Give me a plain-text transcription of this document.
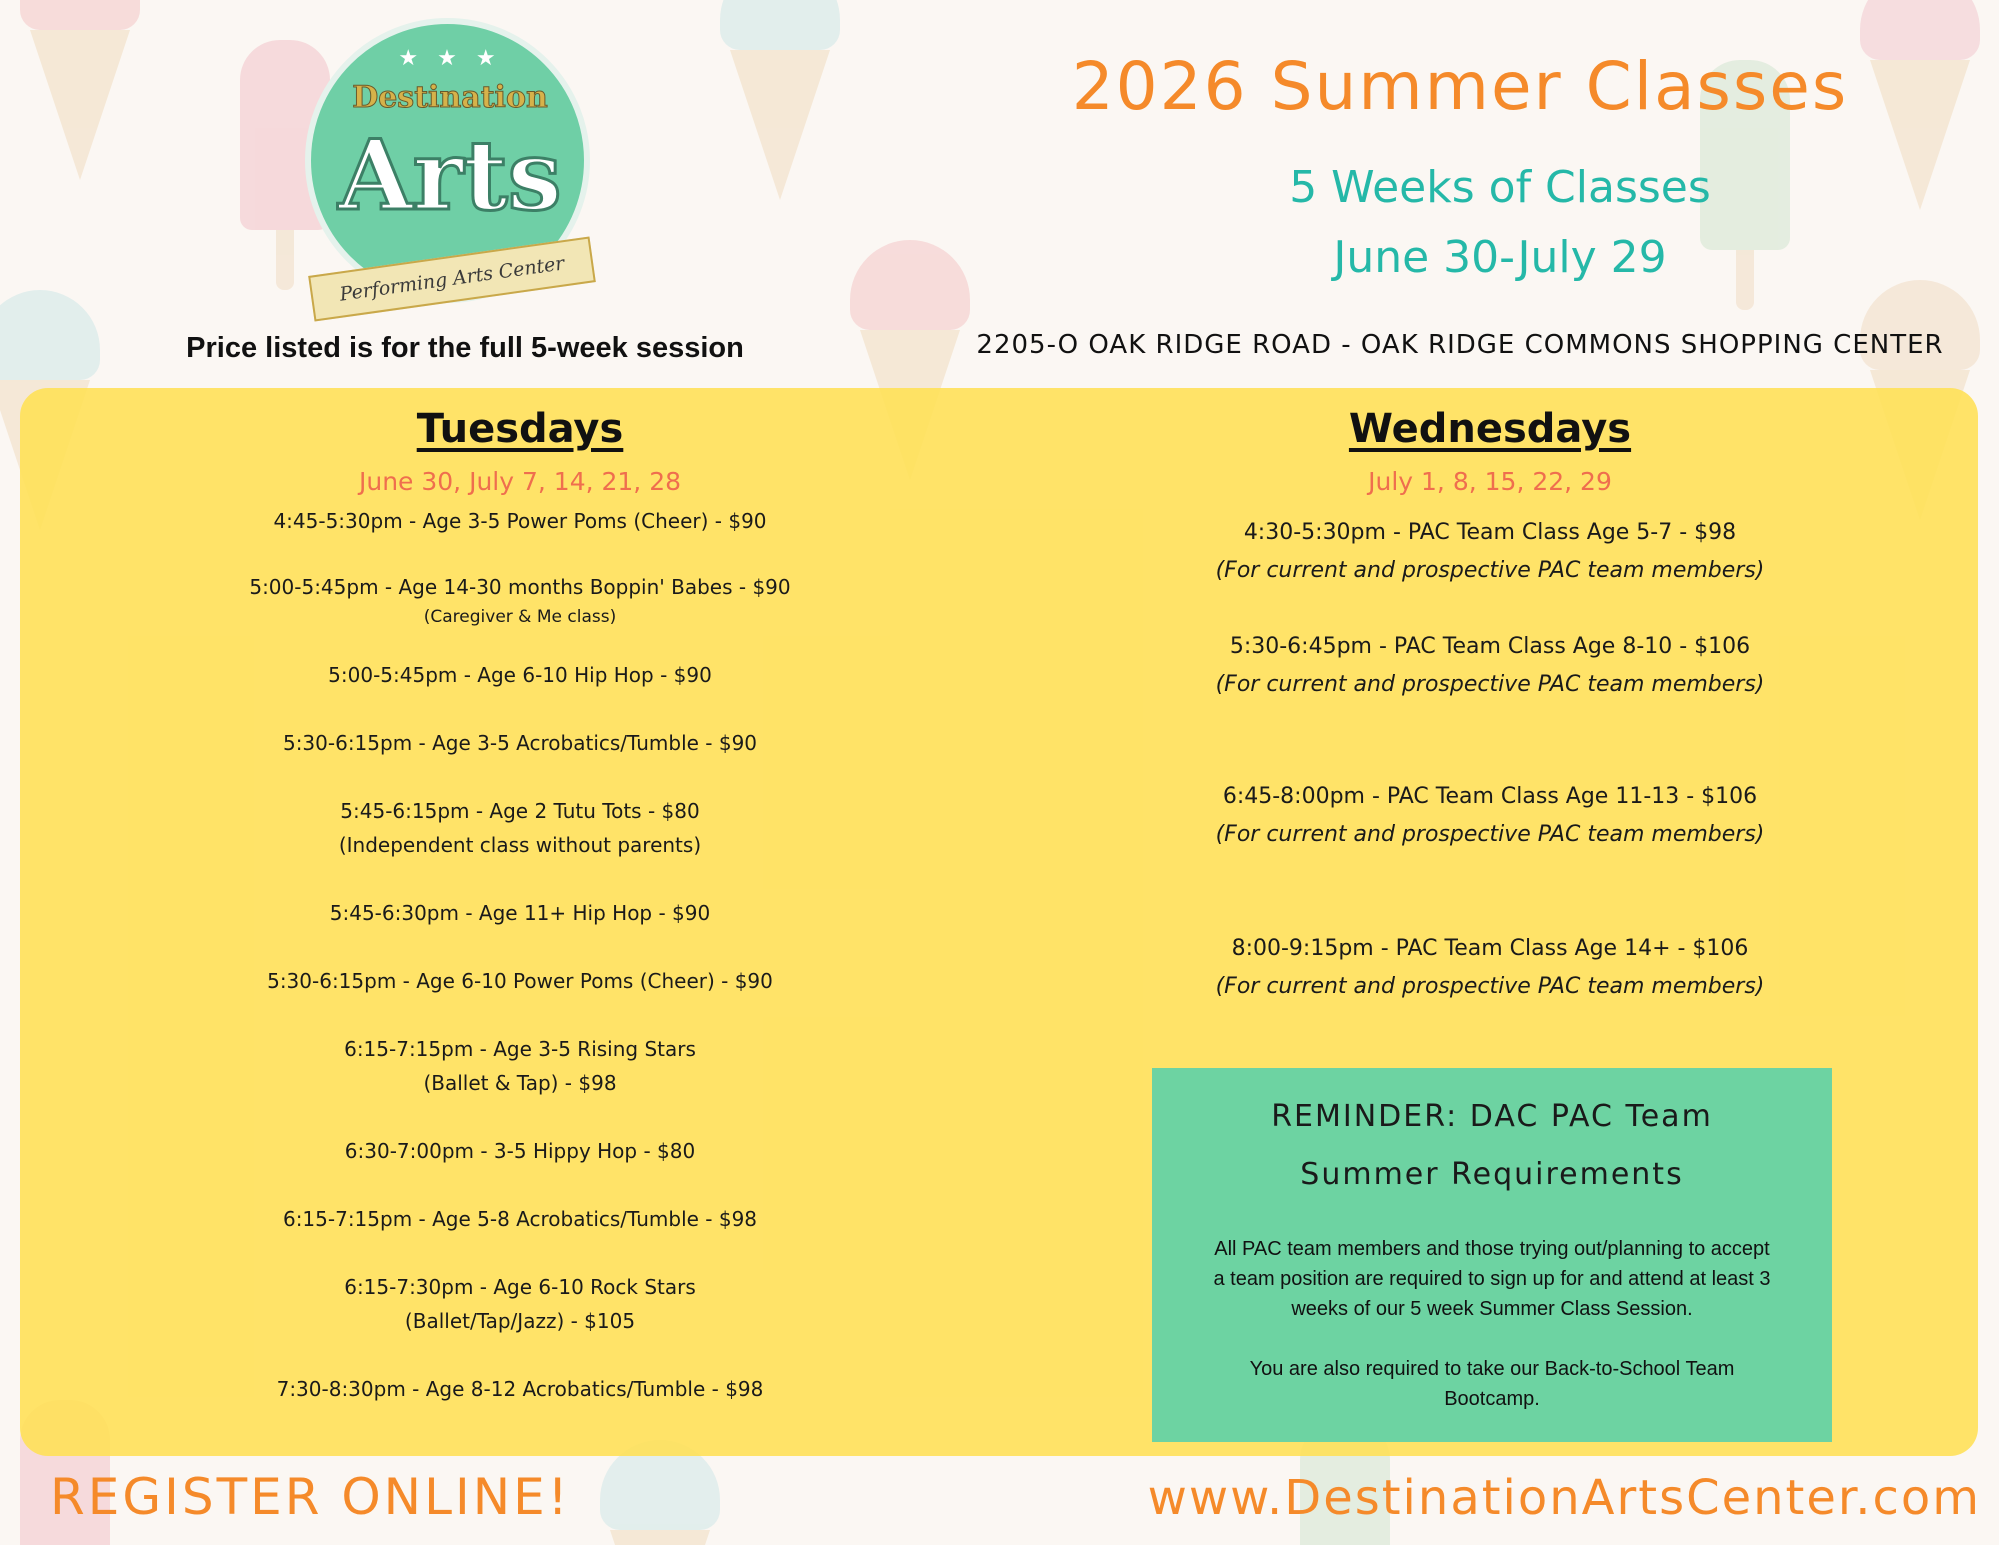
★ ★ ★
Destination
Arts
Performing Arts Center
2026 Summer Classes
5 Weeks of Classes
June 30-July 29
Price listed is for the full 5-week session	2205-O OAK RIDGE ROAD - OAK RIDGE COMMONS SHOPPING CENTER
Tuesdays
June 30, July 7, 14, 21, 28
4:45-5:30pm - Age 3-5 Power Poms (Cheer) - $90
5:00-5:45pm - Age 14-30 months Boppin' Babes - $90
(Caregiver & Me class)
5:00-5:45pm - Age 6-10 Hip Hop - $90
5:30-6:15pm - Age 3-5 Acrobatics/Tumble - $90
5:45-6:15pm - Age 2 Tutu Tots - $80
(Independent class without parents)
5:45-6:30pm - Age 11+ Hip Hop - $90
5:30-6:15pm - Age 6-10 Power Poms (Cheer) - $90
6:15-7:15pm - Age 3-5 Rising Stars
(Ballet & Tap) - $98
6:30-7:00pm - 3-5 Hippy Hop - $80
6:15-7:15pm - Age 5-8 Acrobatics/Tumble - $98
6:15-7:30pm - Age 6-10 Rock Stars
(Ballet/Tap/Jazz) - $105
7:30-8:30pm - Age 8-12 Acrobatics/Tumble - $98
Wednesdays
July 1, 8, 15, 22, 29
4:30-5:30pm - PAC Team Class Age 5-7 - $98
(For current and prospective PAC team members)
5:30-6:45pm - PAC Team Class Age 8-10 - $106
(For current and prospective PAC team members)
6:45-8:00pm - PAC Team Class Age 11-13 - $106
(For current and prospective PAC team members)
8:00-9:15pm - PAC Team Class Age 14+ - $106
(For current and prospective PAC team members)
REMINDER: DAC PAC Team
Summer Requirements

All PAC team members and those trying out/planning to accept a team position are required to sign up for and attend at least 3 weeks of our 5 week Summer Class Session.

You are also required to take our Back-to-School Team Bootcamp.

REGISTER ONLINE!	www.DestinationArtsCenter.com
